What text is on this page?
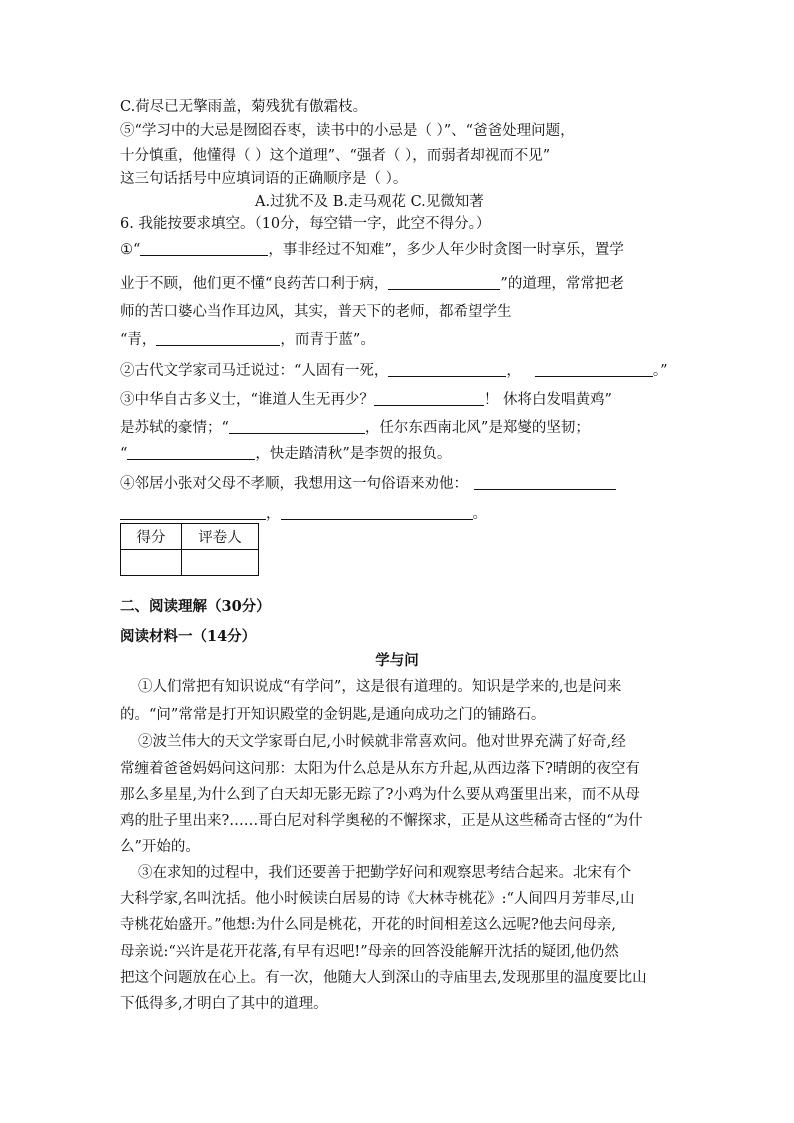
C.荷尽已无擎雨盖，菊残犹有傲霜枝。
⑤“学习中的大忌是囫囵吞枣，读书中的小忌是（ ）”、“爸爸处理问题，
十分慎重，他懂得（ ）这个道理”、“强者（ ），而弱者却视而不见”
这三句话括号中应填词语的正确顺序是（ ）。
A.过犹不及 B.走马观花 C.见微知著
6. 我能按要求填空。（10分，每空错一字，此空不得分。）
①“	，事非经过不知难”，多少人年少时贪图一时享乐，置学
业于不顾，他们更不懂“良药苦口利于病，	”的道理，常常把老
师的苦口婆心当作耳边风，其实，普天下的老师，都希望学生
“青，	，而青于蓝”。
②古代文学家司马迁说过：“人固有一死，	，	。”
③中华自古多义士，“谁道人生无再少？	！ 休将白发唱黄鸡”
是苏轼的豪情；“	，任尔东西南北风”是郑燮的坚韧；
“	，快走踏清秋”是李贺的报负。
④邻居小张对父母不孝顺，我想用这一句俗语来劝他：
，	。
得分	评卷人

二、阅读理解（30分）
阅读材料一（14分）
学与问
①人们常把有知识说成“有学问”，这是很有道理的。知识是学来的,也是问来
的。“问”常常是打开知识殿堂的金钥匙,是通向成功之门的铺路石。
②波兰伟大的天文学家哥白尼,小时候就非常喜欢问。他对世界充满了好奇,经
常缠着爸爸妈妈问这问那：太阳为什么总是从东方升起,从西边落下?晴朗的夜空有
那么多星星,为什么到了白天却无影无踪了?小鸡为什么要从鸡蛋里出来，而不从母
鸡的肚子里出来?……哥白尼对科学奥秘的不懈探求，正是从这些稀奇古怪的“为什
么”开始的。
③在求知的过程中，我们还要善于把勤学好问和观察思考结合起来。北宋有个
大科学家,名叫沈括。他小时候读白居易的诗《大林寺桃花》:“人间四月芳菲尽,山
寺桃花始盛开。”他想:为什么同是桃花，开花的时间相差这么远呢?他去问母亲,
母亲说:“兴许是花开花落,有早有迟吧!”母亲的回答没能解开沈括的疑团,他仍然
把这个问题放在心上。有一次，他随大人到深山的寺庙里去,发现那里的温度要比山
下低得多,才明白了其中的道理。
